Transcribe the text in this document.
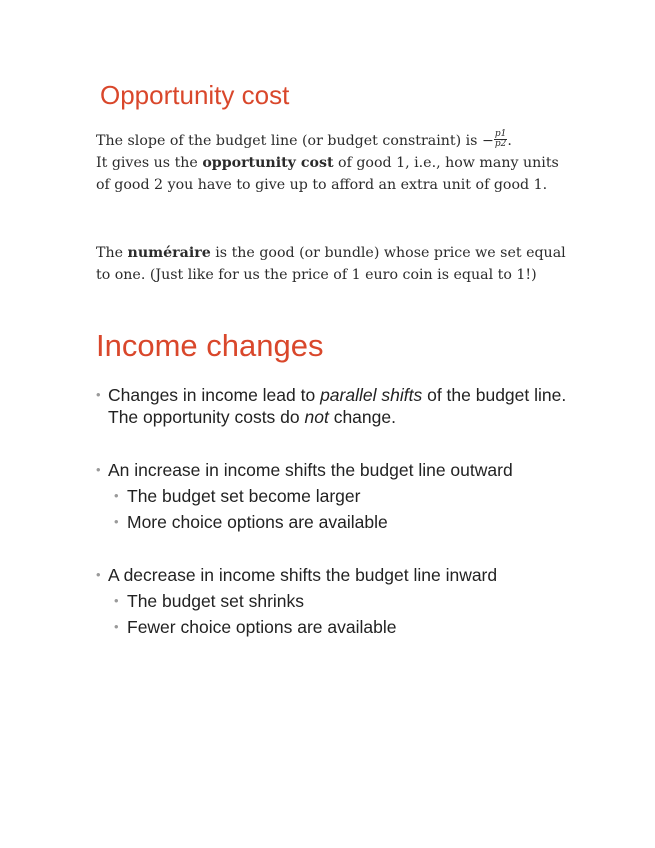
Opportunity cost

The slope of the budget line (or budget constraint) is − $\frac{p1}{p2}$ .
It gives us the opportunity cost of good 1, i.e., how many units of good 2 you have to give up to afford an extra unit of good 1.

The numéraire is the good (or bundle) whose price we set equal to one. (Just like for us the price of 1 euro coin is equal to 1!)

Income changes

• Changes in income lead to parallel shifts of the budget line. The opportunity costs do not change.

• An increase in income shifts the budget line outward

• The budget set become larger

• More choice options are available

• A decrease in income shifts the budget line inward

• The budget set shrinks

• Fewer choice options are available
